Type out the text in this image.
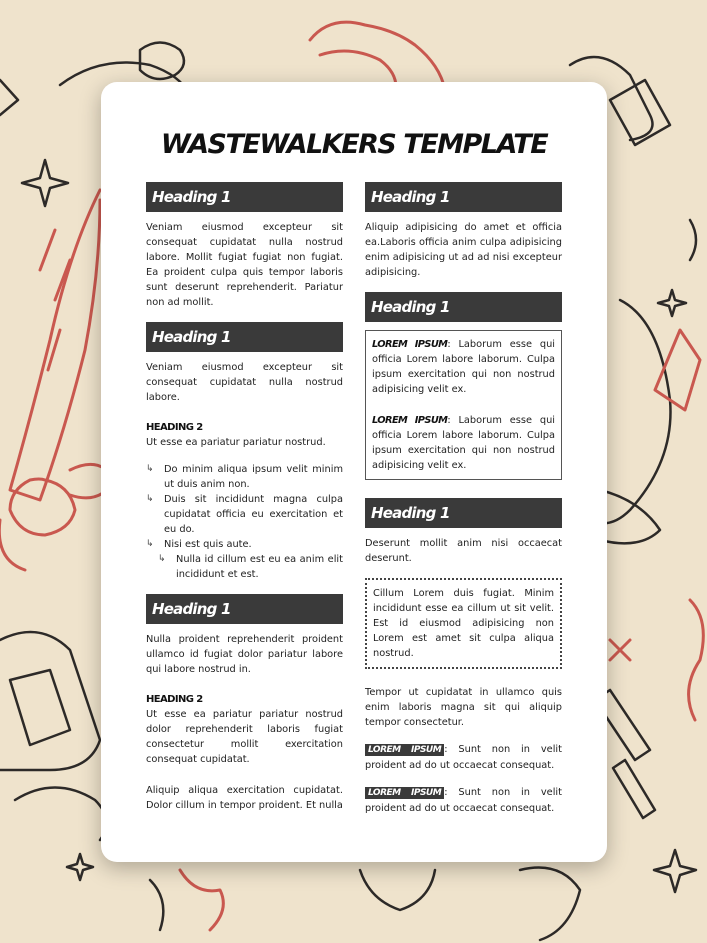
WASTEWALKERS TEMPLATE
Heading 1

Veniam eiusmod excepteur sit consequat cupidatat nulla nostrud labore. Mollit fugiat fugiat non fugiat. Ea proident culpa quis tempor laboris sunt deserunt reprehenderit. Pariatur non ad mollit.

Heading 1

Veniam eiusmod excepteur sit consequat cupidatat nulla nostrud labore.

HEADING 2

Ut esse ea pariatur pariatur nostrud.

↳ Do minim aliqua ipsum velit minim ut duis anim non.
↳ Duis sit incididunt magna culpa cupidatat officia eu exercitation et eu do.
↳ Nisi est quis aute.
↳ Nulla id cillum est eu ea anim elit incididunt et est.
Heading 1

Nulla proident reprehenderit proident ullamco id fugiat dolor pariatur labore qui labore nostrud in.

HEADING 2

Ut esse ea pariatur pariatur nostrud dolor reprehenderit laboris fugiat consectetur mollit exercitation consequat cupidatat.

Aliquip aliqua exercitation cupidatat. Dolor cillum in tempor proident. Et nulla

Heading 1

Aliquip adipisicing do amet et officia ea.Laboris officia anim culpa adipisicing enim adipisicing ut ad ad nisi excepteur adipisicing.

Heading 1

LOREM IPSUM: Laborum esse qui officia Lorem labore laborum. Culpa ipsum exercitation qui non nostrud adipisicing velit ex.

LOREM IPSUM: Laborum esse qui officia Lorem labore laborum. Culpa ipsum exercitation qui non nostrud adipisicing velit ex.

Heading 1

Deserunt mollit anim nisi occaecat deserunt.

Cillum Lorem duis fugiat. Minim incididunt esse ea cillum ut sit velit. Est id eiusmod adipisicing non Lorem est amet sit culpa aliqua nostrud.

Tempor ut cupidatat in ullamco quis enim laboris magna sit qui aliquip tempor consectetur.

LOREM IPSUM : Sunt non in velit proident ad do ut occaecat consequat.

LOREM IPSUM : Sunt non in velit proident ad do ut occaecat consequat.
